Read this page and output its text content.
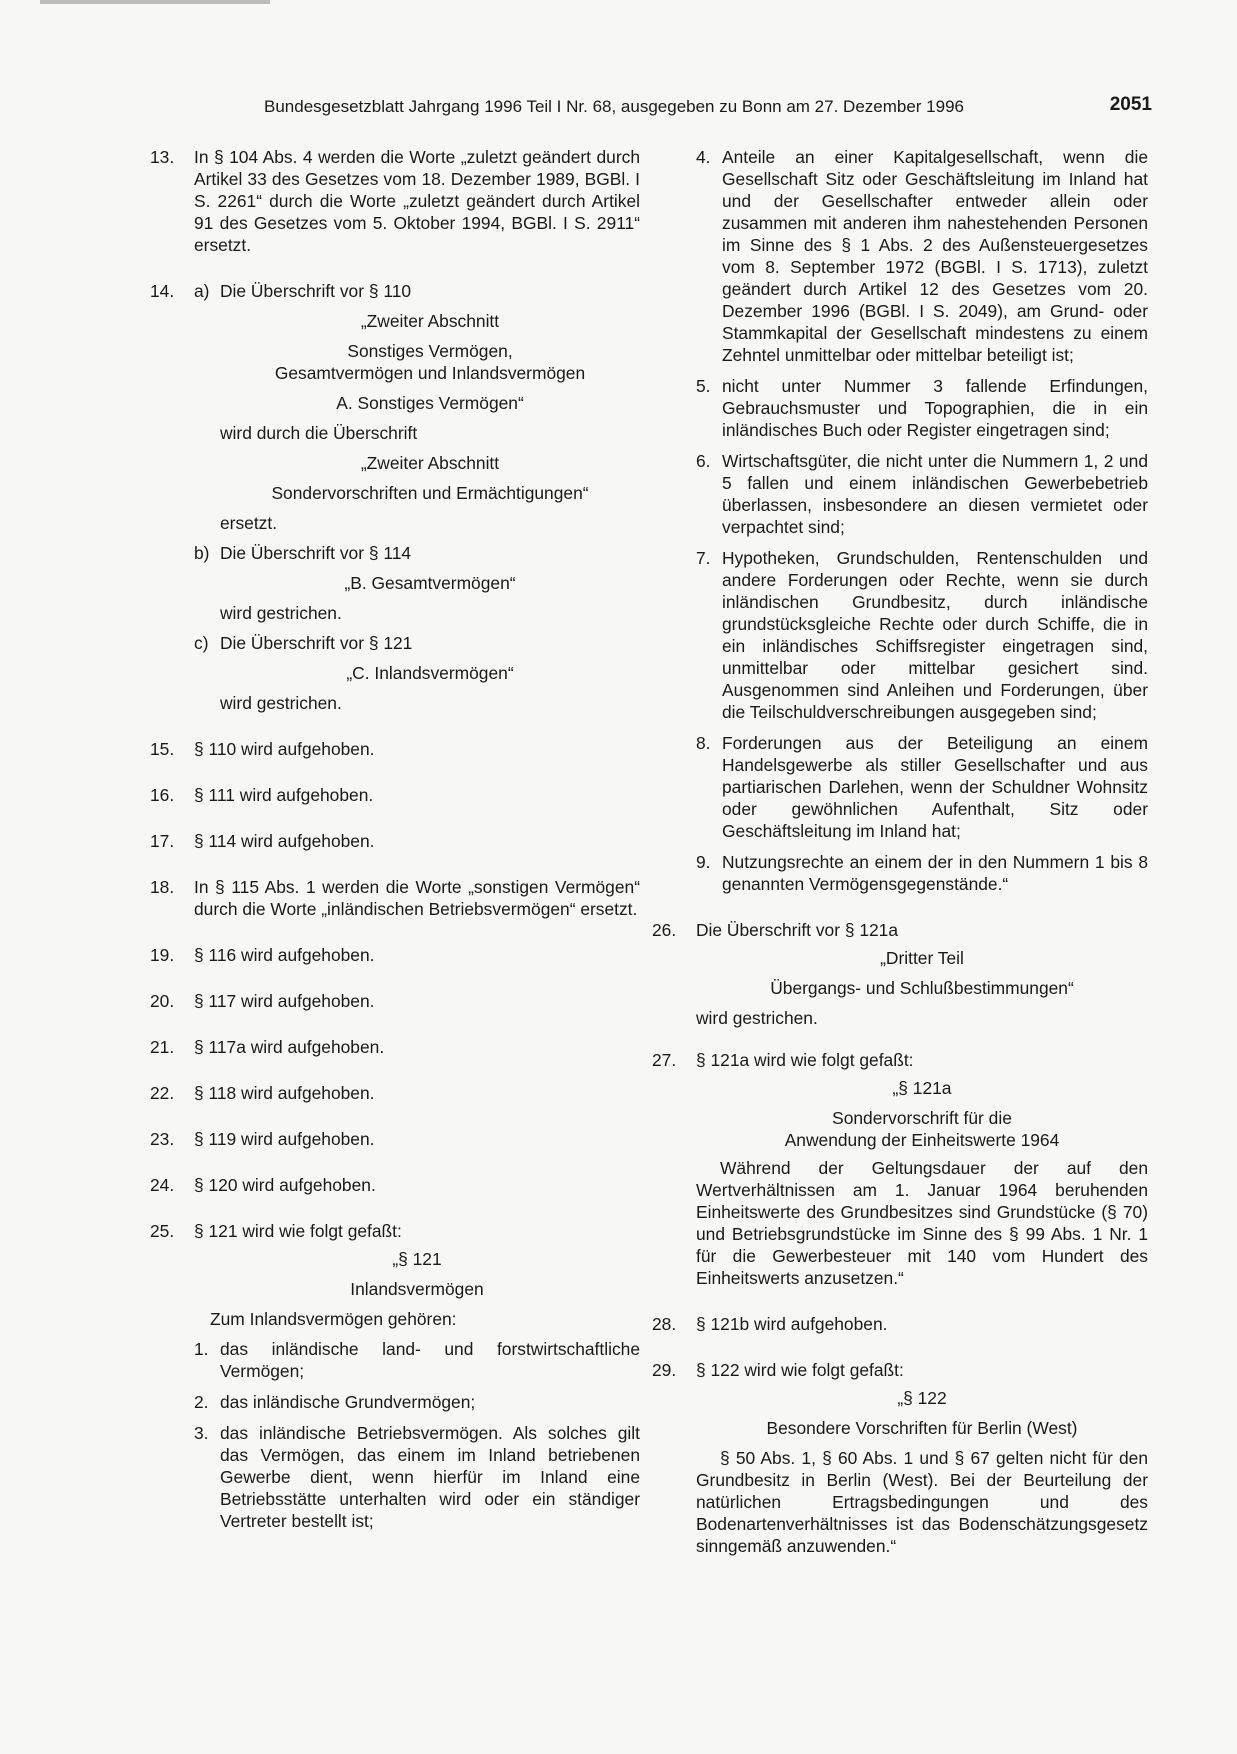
Bundesgesetzblatt Jahrgang 1996 Teil I Nr. 68, ausgegeben zu Bonn am 27. Dezember 1996	2051
13. In § 104 Abs. 4 werden die Worte „zuletzt geändert durch Artikel 33 des Gesetzes vom 18. Dezember 1989, BGBl. I S. 2261“ durch die Worte „zuletzt geändert durch Artikel 91 des Gesetzes vom 5. Oktober 1994, BGBl. I S. 2911“ ersetzt.
14. a) Die Überschrift vor § 110
„Zweiter Abschnitt
Sonstiges Vermögen,
Gesamtvermögen und Inlandsvermögen
A. Sonstiges Vermögen“
wird durch die Überschrift
„Zweiter Abschnitt
Sondervorschriften und Ermächtigungen“
ersetzt.
b) Die Überschrift vor § 114
„B. Gesamtvermögen“
wird gestrichen.
c) Die Überschrift vor § 121
„C. Inlandsvermögen“
wird gestrichen.
15. § 110 wird aufgehoben.
16. § 111 wird aufgehoben.
17. § 114 wird aufgehoben.
18. In § 115 Abs. 1 werden die Worte „sonstigen Vermögen“ durch die Worte „inländischen Betriebsvermögen“ ersetzt.
19. § 116 wird aufgehoben.
20. § 117 wird aufgehoben.
21. § 117a wird aufgehoben.
22. § 118 wird aufgehoben.
23. § 119 wird aufgehoben.
24. § 120 wird aufgehoben.
25. § 121 wird wie folgt gefaßt:
„§ 121
Inlandsvermögen
Zum Inlandsvermögen gehören:
1. das inländische land- und forstwirtschaftliche Vermögen;
2. das inländische Grundvermögen;
3. das inländische Betriebsvermögen. Als solches gilt das Vermögen, das einem im Inland betriebenen Gewerbe dient, wenn hierfür im Inland eine Betriebsstätte unterhalten wird oder ein ständiger Vertreter bestellt ist;
4. Anteile an einer Kapitalgesellschaft, wenn die Gesellschaft Sitz oder Geschäftsleitung im Inland hat und der Gesellschafter entweder allein oder zusammen mit anderen ihm nahestehenden Personen im Sinne des § 1 Abs. 2 des Außensteuergesetzes vom 8. September 1972 (BGBl. I S. 1713), zuletzt geändert durch Artikel 12 des Gesetzes vom 20. Dezember 1996 (BGBl. I S. 2049), am Grund- oder Stammkapital der Gesellschaft mindestens zu einem Zehntel unmittelbar oder mittelbar beteiligt ist;
5. nicht unter Nummer 3 fallende Erfindungen, Gebrauchsmuster und Topographien, die in ein inländisches Buch oder Register eingetragen sind;
6. Wirtschaftsgüter, die nicht unter die Nummern 1, 2 und 5 fallen und einem inländischen Gewerbebetrieb überlassen, insbesondere an diesen vermietet oder verpachtet sind;
7. Hypotheken, Grundschulden, Rentenschulden und andere Forderungen oder Rechte, wenn sie durch inländischen Grundbesitz, durch inländische grundstücksgleiche Rechte oder durch Schiffe, die in ein inländisches Schiffsregister eingetragen sind, unmittelbar oder mittelbar gesichert sind. Ausgenommen sind Anleihen und Forderungen, über die Teilschuldverschreibungen ausgegeben sind;
8. Forderungen aus der Beteiligung an einem Handelsgewerbe als stiller Gesellschafter und aus partiarischen Darlehen, wenn der Schuldner Wohnsitz oder gewöhnlichen Aufenthalt, Sitz oder Geschäftsleitung im Inland hat;
9. Nutzungsrechte an einem der in den Nummern 1 bis 8 genannten Vermögensgegenstände.“
26. Die Überschrift vor § 121a
„Dritter Teil
Übergangs- und Schlußbestimmungen“
wird gestrichen.
27. § 121a wird wie folgt gefaßt:
„§ 121a
Sondervorschrift für die
Anwendung der Einheitswerte 1964
Während der Geltungsdauer der auf den Wertverhältnissen am 1. Januar 1964 beruhenden Einheitswerte des Grundbesitzes sind Grundstücke (§ 70) und Betriebsgrundstücke im Sinne des § 99 Abs. 1 Nr. 1 für die Gewerbesteuer mit 140 vom Hundert des Einheitswerts anzusetzen.“
28. § 121b wird aufgehoben.
29. § 122 wird wie folgt gefaßt:
„§ 122
Besondere Vorschriften für Berlin (West)
§ 50 Abs. 1, § 60 Abs. 1 und § 67 gelten nicht für den Grundbesitz in Berlin (West). Bei der Beurteilung der natürlichen Ertragsbedingungen und des Bodenartenverhältnisses ist das Bodenschätzungsgesetz sinngemäß anzuwenden.“
